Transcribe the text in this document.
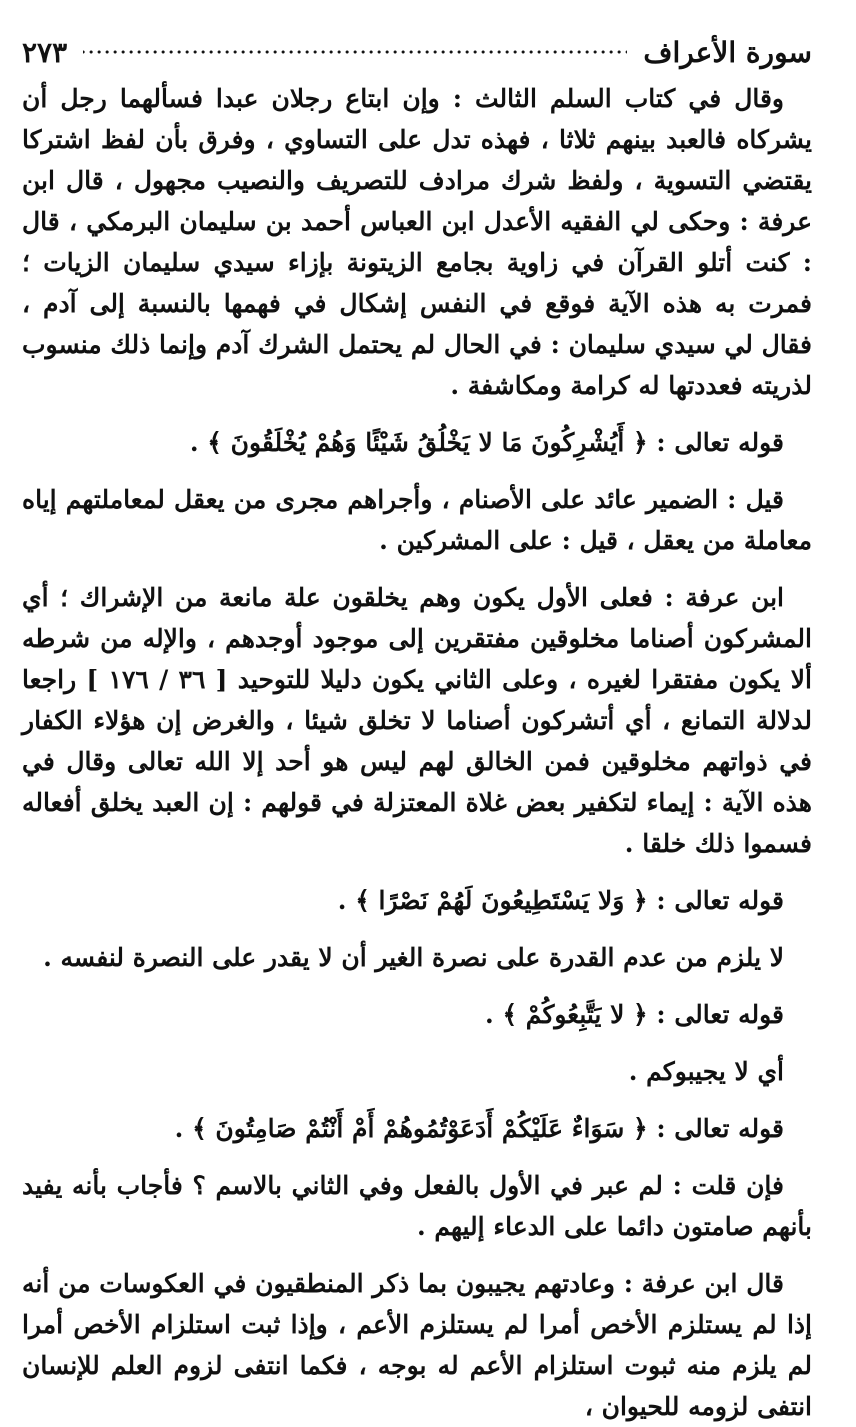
سورة الأعراف
٢٧٣

وقال في كتاب السلم الثالث : وإن ابتاع رجلان عبدا فسألهما رجل أن يشركاه فالعبد بينهم ثلاثا ، فهذه تدل على التساوي ، وفرق بأن لفظ اشتركا يقتضي التسوية ، ولفظ شرك مرادف للتصريف والنصيب مجهول ، قال ابن عرفة : وحكى لي الفقيه الأعدل ابن العباس أحمد بن سليمان البرمكي ، قال : كنت أتلو القرآن في زاوية بجامع الزيتونة بإزاء سيدي سليمان الزيات ؛ فمرت به هذه الآية فوقع في النفس إشكال في فهمها بالنسبة إلى آدم ، فقال لي سيدي سليمان : في الحال لم يحتمل الشرك آدم وإنما ذلك منسوب لذريته فعددتها له كرامة ومكاشفة .

قوله تعالى : ﴿ أَيُشْرِكُونَ مَا لا يَخْلُقُ شَيْئًا وَهُمْ يُخْلَقُونَ ﴾ .

قيل : الضمير عائد على الأصنام ، وأجراهم مجرى من يعقل لمعاملتهم إياه معاملة من يعقل ، قيل : على المشركين .

ابن عرفة : فعلى الأول يكون وهم يخلقون علة مانعة من الإشراك ؛ أي المشركون أصناما مخلوقين مفتقرين إلى موجود أوجدهم ، والإله من شرطه ألا يكون مفتقرا لغيره ، وعلى الثاني يكون دليلا للتوحيد [ ٣٦ / ١٧٦ ] راجعا لدلالة التمانع ، أي أتشركون أصناما لا تخلق شيئا ، والغرض إن هؤلاء الكفار في ذواتهم مخلوقين فمن الخالق لهم ليس هو أحد إلا الله تعالى وقال في هذه الآية : إيماء لتكفير بعض غلاة المعتزلة في قولهم : إن العبد يخلق أفعاله فسموا ذلك خلقا .

قوله تعالى : ﴿ وَلا يَسْتَطِيعُونَ لَهُمْ نَصْرًا ﴾ .

لا يلزم من عدم القدرة على نصرة الغير أن لا يقدر على النصرة لنفسه .

قوله تعالى : ﴿ لا يَتَّبِعُوكُمْ ﴾ .

أي لا يجيبوكم .

قوله تعالى : ﴿ سَوَاءٌ عَلَيْكُمْ أَدَعَوْتُمُوهُمْ أَمْ أَنْتُمْ صَامِتُونَ ﴾ .

فإن قلت : لم عبر في الأول بالفعل وفي الثاني بالاسم ؟ فأجاب بأنه يفيد بأنهم صامتون دائما على الدعاء إليهم .

قال ابن عرفة : وعادتهم يجيبون بما ذكر المنطقيون في العكوسات من أنه إذا لم يستلزم الأخص أمرا لم يستلزم الأعم ، وإذا ثبت استلزام الأخص أمرا لم يلزم منه ثبوت استلزام الأعم له بوجه ، فكما انتفى لزوم العلم للإنسان انتفى لزومه للحيوان ،
